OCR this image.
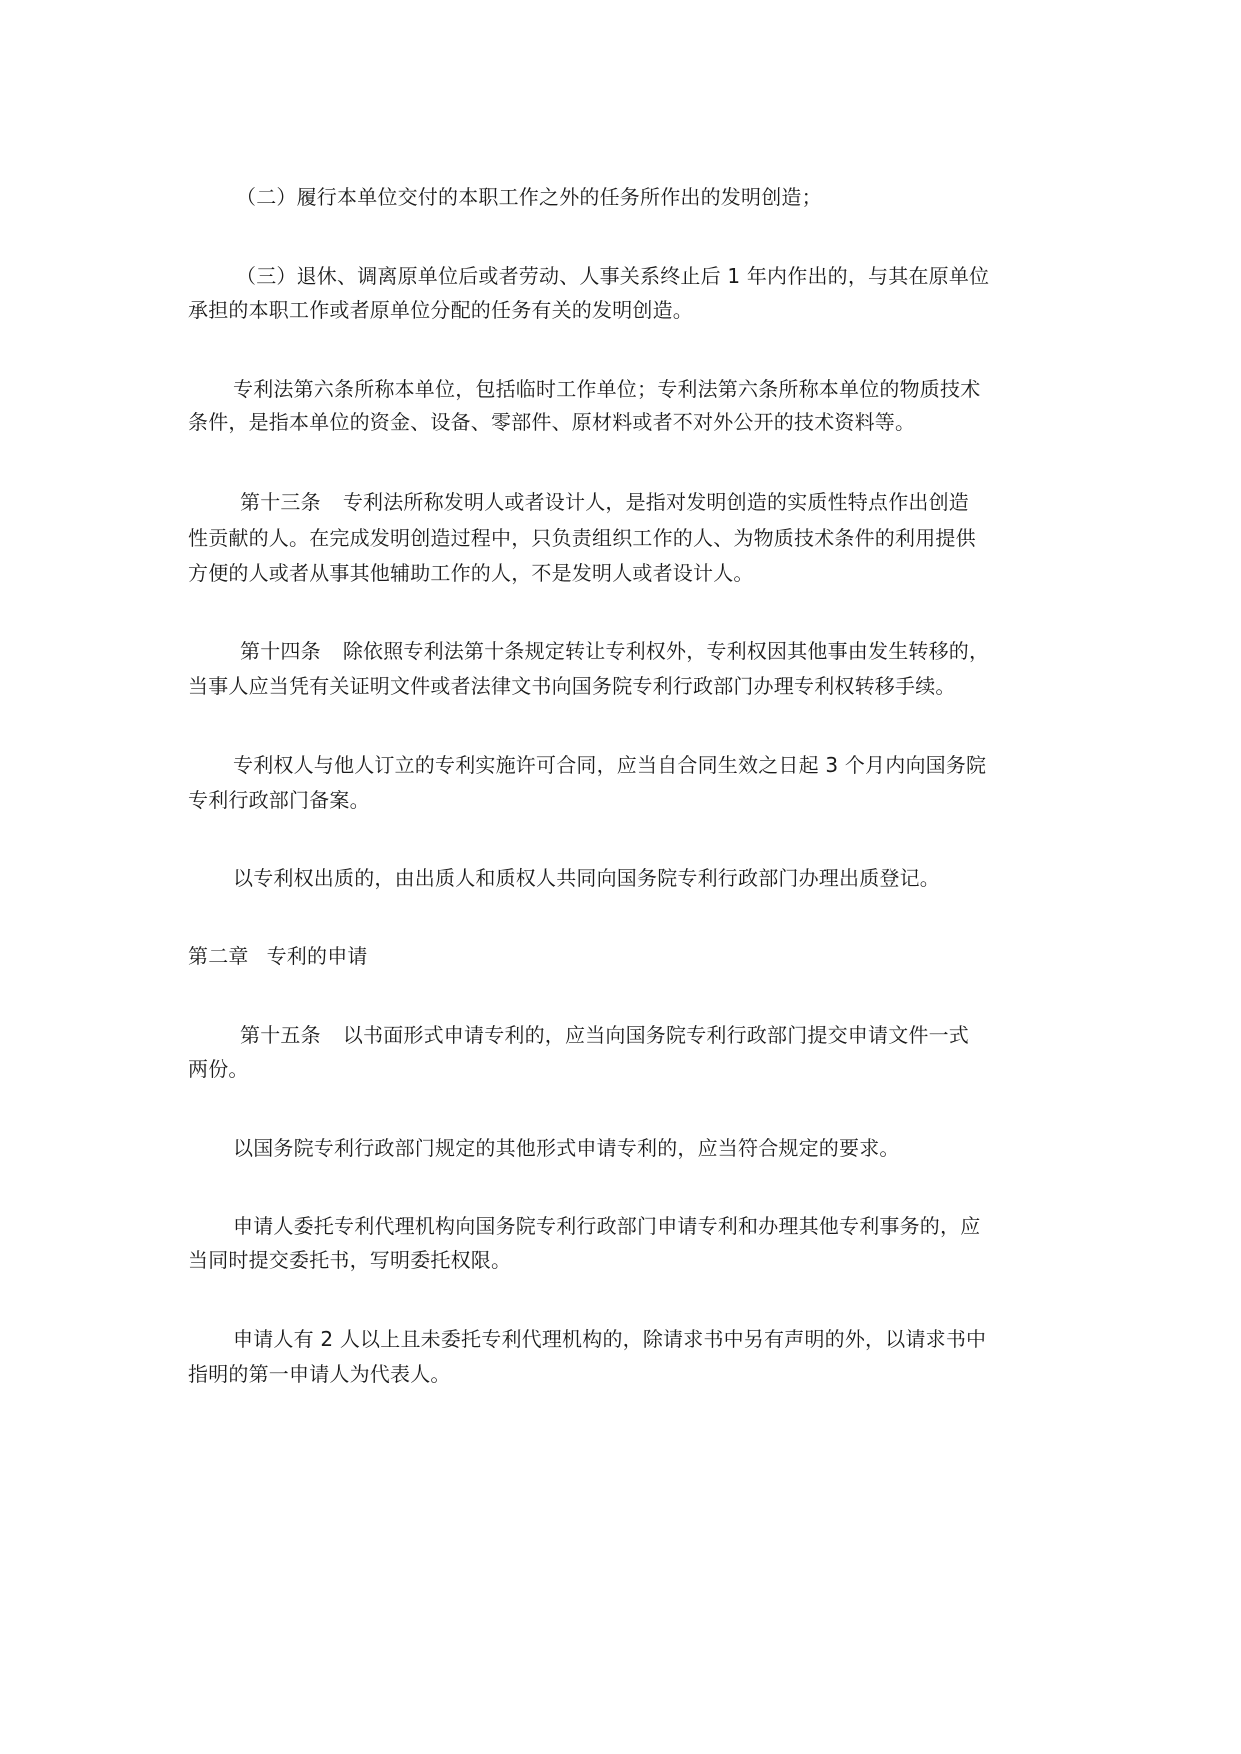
（二）履行本单位交付的本职工作之外的任务所作出的发明创造；
（三）退休、调离原单位后或者劳动、人事关系终止后 1 年内作出的，与其在原单位
承担的本职工作或者原单位分配的任务有关的发明创造。
专利法第六条所称本单位，包括临时工作单位；专利法第六条所称本单位的物质技术
条件，是指本单位的资金、设备、零部件、原材料或者不对外公开的技术资料等。
第十三条 专利法所称发明人或者设计人，是指对发明创造的实质性特点作出创造
性贡献的人。在完成发明创造过程中，只负责组织工作的人、为物质技术条件的利用提供
方便的人或者从事其他辅助工作的人，不是发明人或者设计人。
第十四条 除依照专利法第十条规定转让专利权外，专利权因其他事由发生转移的，
当事人应当凭有关证明文件或者法律文书向国务院专利行政部门办理专利权转移手续。
专利权人与他人订立的专利实施许可合同，应当自合同生效之日起 3 个月内向国务院
专利行政部门备案。
以专利权出质的，由出质人和质权人共同向国务院专利行政部门办理出质登记。
第二章 专利的申请
第十五条 以书面形式申请专利的，应当向国务院专利行政部门提交申请文件一式
两份。
以国务院专利行政部门规定的其他形式申请专利的，应当符合规定的要求。
申请人委托专利代理机构向国务院专利行政部门申请专利和办理其他专利事务的，应
当同时提交委托书，写明委托权限。
申请人有 2 人以上且未委托专利代理机构的，除请求书中另有声明的外，以请求书中
指明的第一申请人为代表人。
